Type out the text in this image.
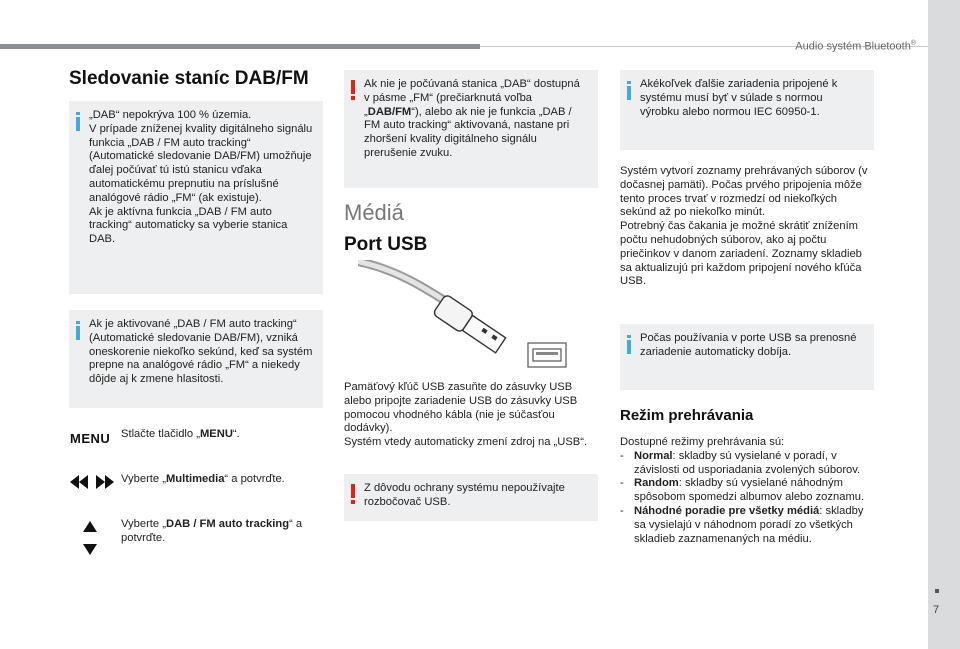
Audio systém Bluetooth®
7
Sledovanie staníc DAB/FM
„DAB“ nepokrýva 100 % územia.
V prípade zníženej kvality digitálneho signálu funkcia „DAB / FM auto tracking“ (Automatické sledovanie DAB/FM) umožňuje ďalej počúvať tú istú stanicu vďaka automatickému prepnutiu na príslušné analógové rádio „FM“ (ak existuje).
Ak je aktívna funkcia „DAB / FM auto tracking“ automaticky sa vyberie stanica DAB.
Ak je aktivované „DAB / FM auto tracking“ (Automatické sledovanie DAB/FM), vzniká oneskorenie niekoľko sekúnd, keď sa systém prepne na analógové rádio „FM“ a niekedy dôjde aj k zmene hlasitosti.
MENU Stlačte tlačidlo „MENU“.
Vyberte „Multimedia“ a potvrďte.
Vyberte „DAB / FM auto tracking“ a potvrďte.
Ak nie je počúvaná stanica „DAB“ dostupná v pásme „FM“ (prečiarknutá voľba „DAB/FM“), alebo ak nie je funkcia „DAB / FM auto tracking“ aktivovaná, nastane pri zhoršení kvality digitálneho signálu prerušenie zvuku.
Médiá
Port USB
Pamäťový kľúč USB zasuňte do zásuvky USB alebo pripojte zariadenie USB do zásuvky USB pomocou vhodného kábla (nie je súčasťou dodávky).
Systém vtedy automaticky zmení zdroj na „USB“.
Z dôvodu ochrany systému nepoužívajte rozbočovač USB.
Akékoľvek ďalšie zariadenia pripojené k systému musí byť v súlade s normou výrobku alebo normou IEC 60950-1.
Systém vytvorí zoznamy prehrávaných súborov (v dočasnej pamäti). Počas prvého pripojenia môže tento proces trvať v rozmedzí od niekoľkých sekúnd až po niekoľko minút.
Potrebný čas čakania je možné skrátiť znížením počtu nehudobných súborov, ako aj počtu priečinkov v danom zariadení. Zoznamy skladieb sa aktualizujú pri každom pripojení nového kľúča USB.
Počas používania v porte USB sa prenosné zariadenie automaticky dobíja.
Režim prehrávania
Dostupné režimy prehrávania sú:
- Normal: skladby sú vysielané v poradí, v závislosti od usporiadania zvolených súborov.
- Random: skladby sú vysielané náhodným spôsobom spomedzi albumov alebo zoznamu.
- Náhodné poradie pre všetky médiá: skladby sa vysielajú v náhodnom poradí zo všetkých skladieb zaznamenaných na médiu.
